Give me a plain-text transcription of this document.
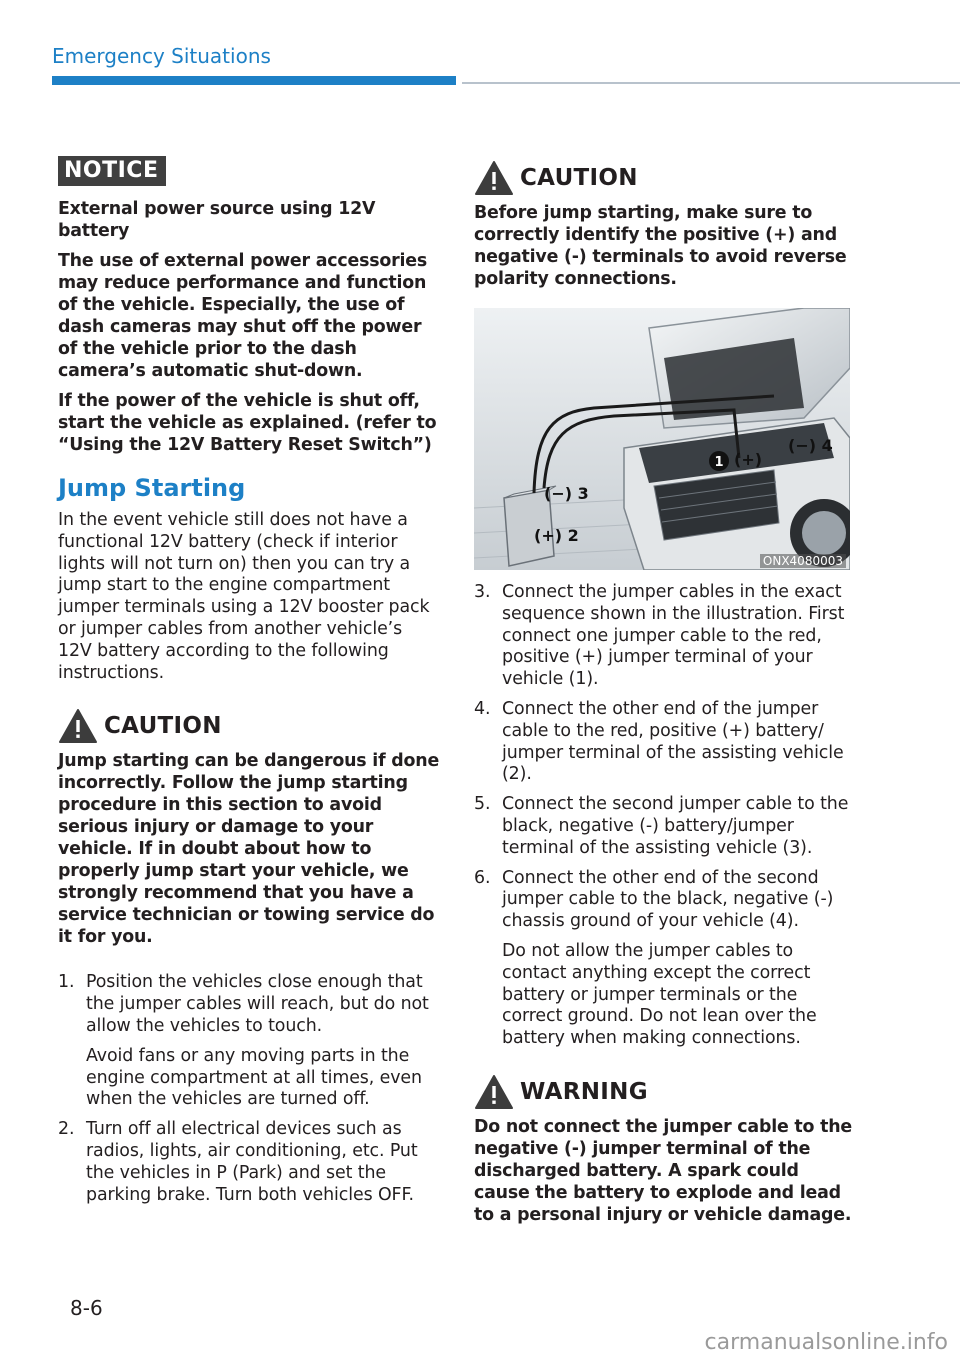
Emergency Situations
NOTICE

External power source using 12V battery

The use of external power accessories may reduce performance and function of the vehicle. Especially, the use of dash cameras may shut off the power of the vehicle prior to the dash camera’s automatic shut-down.

If the power of the vehicle is shut off, start the vehicle as explained. (refer to “Using the 12V Battery Reset Switch”)

Jump Starting

In the event vehicle still does not have a functional 12V battery (check if interior lights will not turn on) then you can try a jump start to the engine compartment jumper terminals using a 12V booster pack or jumper cables from another vehicle’s 12V battery according to the following instructions.

CAUTION

Jump starting can be dangerous if done incorrectly. Follow the jump starting procedure in this section to avoid serious injury or damage to your vehicle. If in doubt about how to properly jump start your vehicle, we strongly recommend that you have a service technician or towing service do it for you.

1. Position the vehicles close enough that the jumper cables will reach, but do not allow the vehicles to touch.

Avoid fans or any moving parts in the engine compartment at all times, even when the vehicles are turned off.

2. Turn off all electrical devices such as radios, lights, air conditioning, etc. Put the vehicles in P (Park) and set the parking brake. Turn both vehicles OFF.

CAUTION

Before jump starting, make sure to correctly identify the positive (+) and negative (-) terminals to avoid reverse polarity connections.

1 (+)
(−) 4
(−) 3
(+) 2
ONX4080003
3. Connect the jumper cables in the exact sequence shown in the illustration. First connect one jumper cable to the red, positive (+) jumper terminal of your vehicle (1).

4. Connect the other end of the jumper cable to the red, positive (+) battery/ jumper terminal of the assisting vehicle (2).

5. Connect the second jumper cable to the black, negative (-) battery/jumper terminal of the assisting vehicle (3).

6. Connect the other end of the second jumper cable to the black, negative (-) chassis ground of your vehicle (4).

Do not allow the jumper cables to contact anything except the correct battery or jumper terminals or the correct ground. Do not lean over the battery when making connections.

WARNING

Do not connect the jumper cable to the negative (-) jumper terminal of the discharged battery. A spark could cause the battery to explode and lead to a personal injury or vehicle damage.

8-6
carmanualsonline.info
